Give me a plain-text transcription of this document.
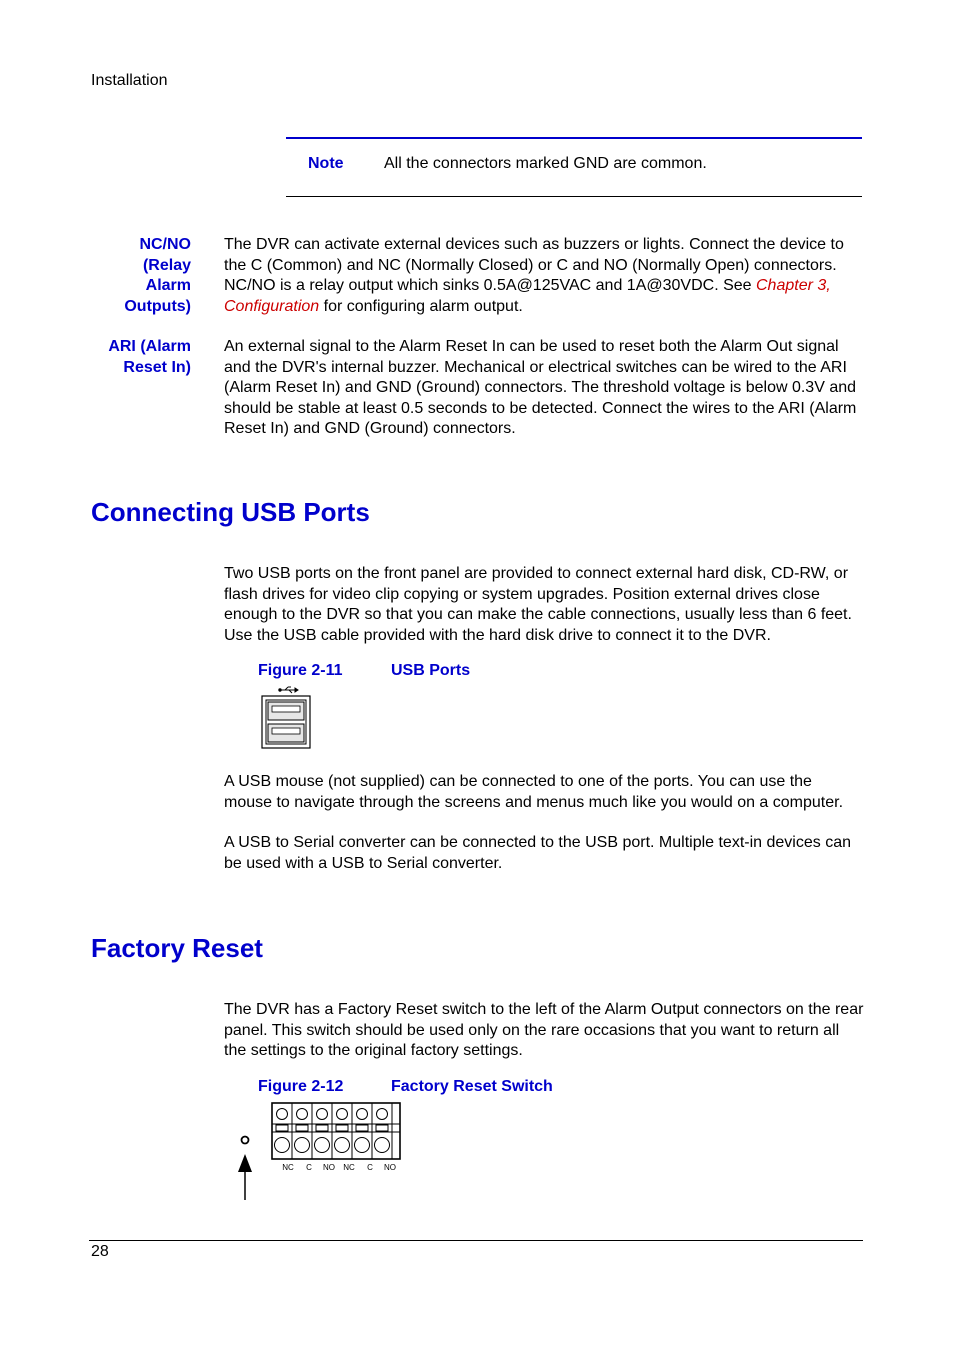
Installation
Note	All the connectors marked GND are common.
NC/NO
(Relay
Alarm
Outputs)
The DVR can activate external devices such as buzzers or lights. Connect the device to the C (Common) and NC (Normally Closed) or C and NO (Normally Open) connectors. NC/NO is a relay output which sinks 0.5A@125VAC and 1A@30VDC. See Chapter 3, Configuration for configuring alarm output.
ARI (Alarm
Reset In)
An external signal to the Alarm Reset In can be used to reset both the Alarm Out signal and the DVR's internal buzzer. Mechanical or electrical switches can be wired to the ARI (Alarm Reset In) and GND (Ground) connectors. The threshold voltage is below 0.3V and should be stable at least 0.5 seconds to be detected. Connect the wires to the ARI (Alarm Reset In) and GND (Ground) connectors.
Connecting USB Ports
Two USB ports on the front panel are provided to connect external hard disk, CD-RW, or flash drives for video clip copying or system upgrades. Position external drives close enough to the DVR so that you can make the cable connections, usually less than 6 feet. Use the USB cable provided with the hard disk drive to connect it to the DVR.
Figure 2-11	USB Ports
A USB mouse (not supplied) can be connected to one of the ports. You can use the mouse to navigate through the screens and menus much like you would on a computer.
A USB to Serial converter can be connected to the USB port. Multiple text-in devices can be used with a USB to Serial converter.
Factory Reset
The DVR has a Factory Reset switch to the left of the Alarm Output connectors on the rear panel. This switch should be used only on the rare occasions that you want to return all the settings to the original factory settings.
Figure 2-12	Factory Reset Switch
NC C NO NC C NO
28
